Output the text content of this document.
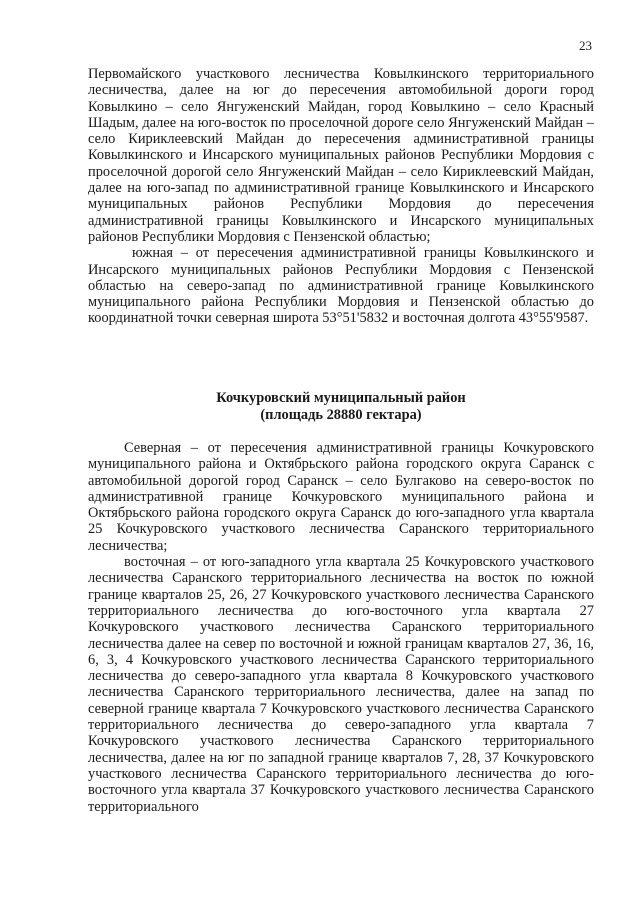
23

Первомайского участкового лесничества Ковылкинского территориального лесничества, далее на юг до пересечения автомобильной дороги город Ковылкино – село Янгуженский Майдан, город Ковылкино – село Красный Шадым, далее на юго-восток по проселочной дороге село Янгуженский Майдан – село Кириклеевский Майдан до пересечения административной границы Ковылкинского и Инсарского муниципальных районов Республики Мордовия с проселочной дорогой село Янгуженский Майдан – село Кириклеевский Майдан, далее на юго-запад по административной границе Ковылкинского и Инсарского муниципальных районов Республики Мордовия до пересечения административной границы Ковылкинского и Инсарского муниципальных районов Республики Мордовия с Пензенской областью;

южная – от пересечения административной границы Ковылкинского и Инсарского муниципальных районов Республики Мордовия с Пензенской областью на северо-запад по административной границе Ковылкинского муниципального района Республики Мордовия и Пензенской областью до координатной точки северная широта 53°51'5832 и восточная долгота 43°55'9587.

Кочкуровский муниципальный район
(площадь 28880 гектара)

Северная – от пересечения административной границы Кочкуровского муниципального района и Октябрьского района городского округа Саранск с автомобильной дорогой город Саранск – село Булгаково на северо-восток по административной границе Кочкуровского муниципального района и Октябрьского района городского округа Саранск до юго-западного угла квартала 25 Кочкуровского участкового лесничества Саранского территориального лесничества;

восточная – от юго-западного угла квартала 25 Кочкуровского участкового лесничества Саранского территориального лесничества на восток по южной границе кварталов 25, 26, 27 Кочкуровского участкового лесничества Саранского территориального лесничества до юго-восточного угла квартала 27 Кочкуровского участкового лесничества Саранского территориального лесничества далее на север по восточной и южной границам кварталов 27, 36, 16, 6, 3, 4 Кочкуровского участкового лесничества Саранского территориального лесничества до северо-западного угла квартала 8 Кочкуровского участкового лесничества Саранского территориального лесничества, далее на запад по северной границе квартала 7 Кочкуровского участкового лесничества Саранского территориального лесничества до северо-западного угла квартала 7 Кочкуровского участкового лесничества Саранского территориального лесничества, далее на юг по западной границе кварталов 7, 28, 37 Кочкуровского участкового лесничества Саранского территориального лесничества до юго-восточного угла квартала 37 Кочкуровского участкового лесничества Саранского территориального
